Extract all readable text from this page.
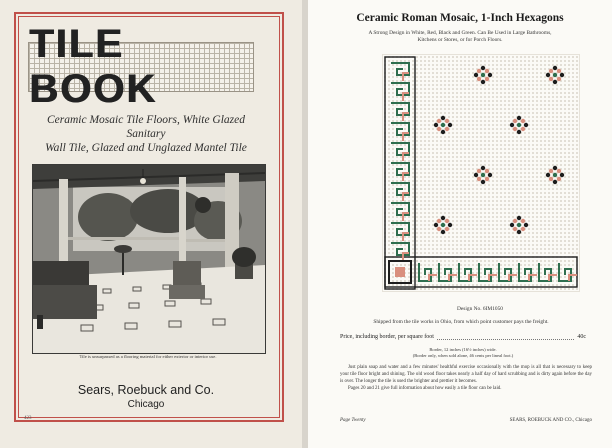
TILE BOOK
Ceramic Mosaic Tile Floors, White Glazed Sanitary
Wall Tile, Glazed and Unglazed Mantel Tile
Tile is unsurpassed as a flooring material for either exterior or interior use.
Sears, Roebuck and Co.
Chicago
423
Ceramic Roman Mosaic, 1-Inch Hexagons
A Strong Design in White, Red, Black and Green. Can Be Used in Large Bathrooms,
Kitchens or Stores, or for Porch Floors.
Design No. 6IM1050
Shipped from the tile works in Ohio, from which point customer pays the freight.
Price, including border, per square foot	40c
Border, 12 inches (16½ inches) wide.
(Border only, when sold alone, 46 cents per lineal foot.)

Just plain soap and water and a few minutes' healthful exercise occasionally with the mop is all that is necessary to keep your tile floor bright and shining. The old wood floor takes nearly a half day of hard scrubbing and is dirty again before the day is over. The longer the tile is used the brighter and prettier it becomes.

Pages 20 and 21 give full information about how easily a tile floor can be laid.

Page Twenty	SEARS, ROEBUCK AND CO., Chicago
